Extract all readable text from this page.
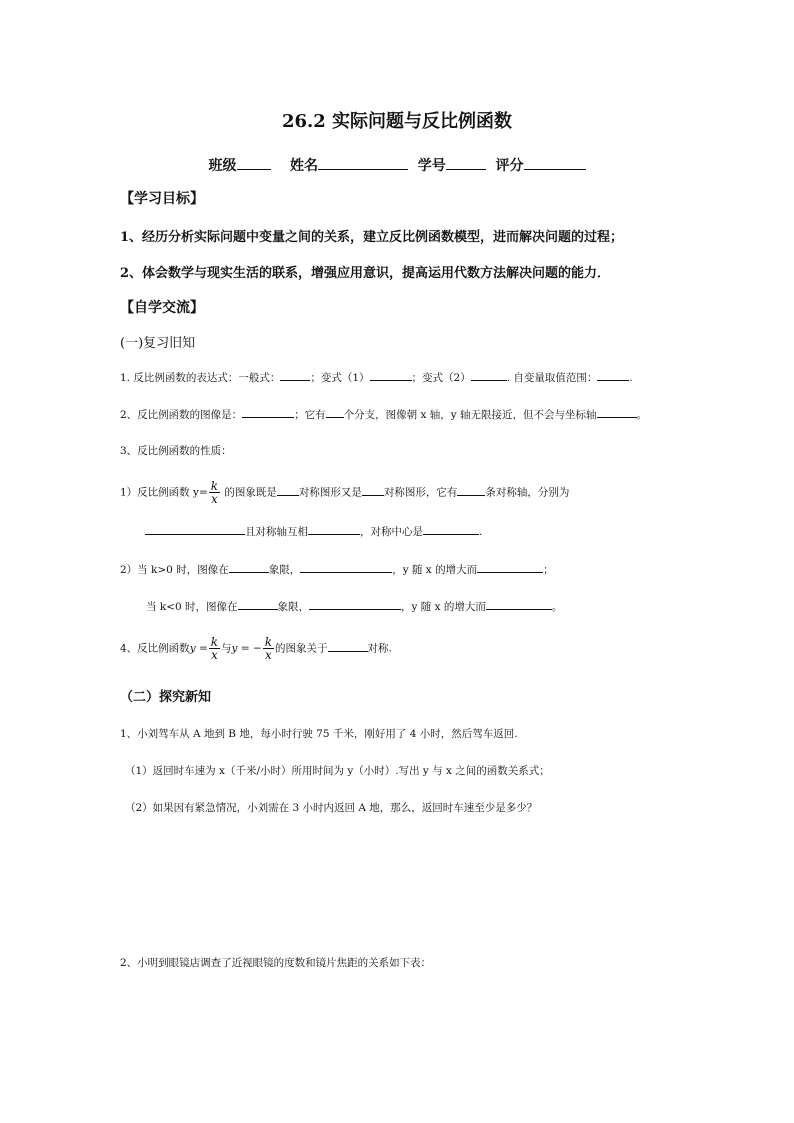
26.2 实际问题与反比例函数
班级	姓名	学号	评分
【学习目标】
1、经历分析实际问题中变量之间的关系，建立反比例函数模型，进而解决问题的过程；
2、体会数学与现实生活的联系，增强应用意识，提高运用代数方法解决问题的能力．
【自学交流】
(一)复习旧知
1. 反比例函数的表达式：一般式：	；变式（1）	；变式（2）	. 自变量取值范围：	.
2、反比例函数的图像是：	；它有 个分支，图像朝 x 轴，y 轴无限接近，但不会与坐标轴	。
3、反比例函数的性质：
1）反比例函数 $y= \frac{k}{x}$ 的图象既是 对称图形又是 对称图形，它有	条对称轴，分别为
且对称轴互相	，对称中心是	.
2）当 k>0 时，图像在	象限，	，y 随 x 的增大而	；
当 k<0 时，图像在	象限，	，y 随 x 的增大而	。
4、反比例函数$y = \frac{k}{x}$ 与y = − $\frac{k}{x}$ 的图象关于	对称.
（二）探究新知
1、小刘驾车从 A 地到 B 地，每小时行驶 75 千米，刚好用了 4 小时，然后驾车返回.
（1）返回时车速为 x（千米/小时）所用时间为 y（小时）.写出 y 与 x 之间的函数关系式；
（2）如果因有紧急情况，小刘需在 3 小时内返回 A 地，那么，返回时车速至少是多少？
2、小明到眼镜店调查了近视眼镜的度数和镜片焦距的关系如下表：
